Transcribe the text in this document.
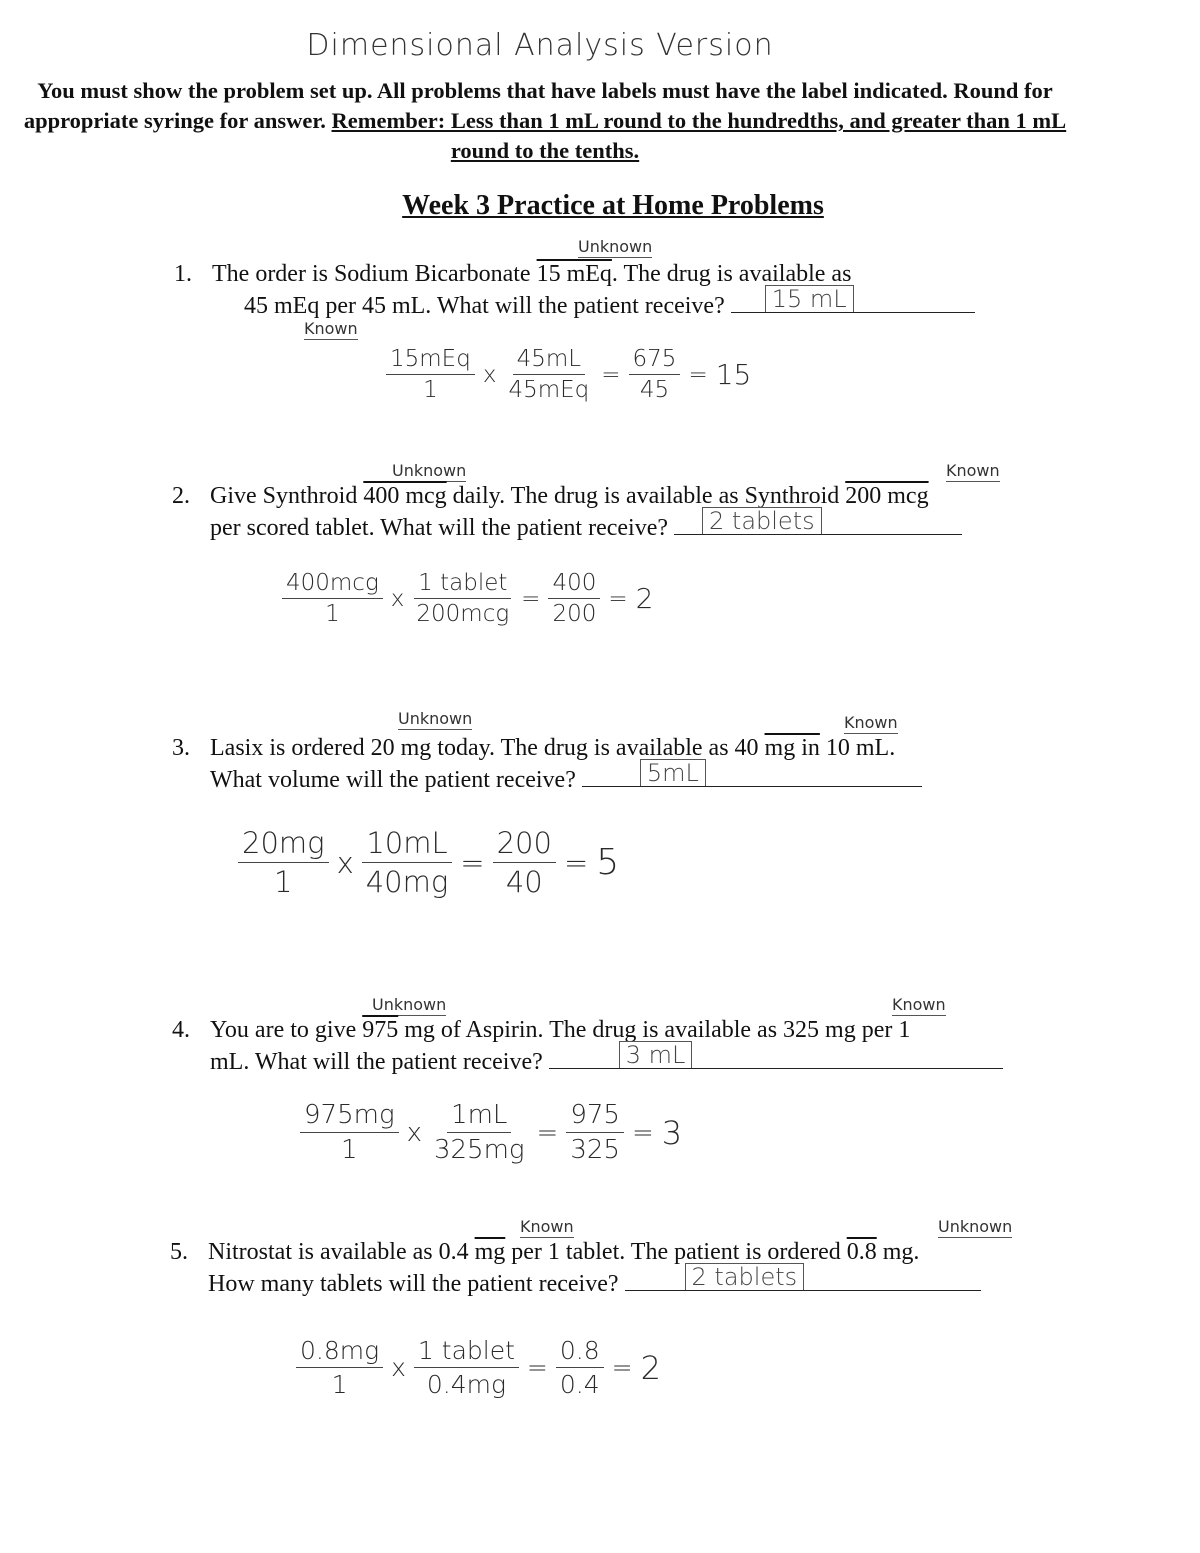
Dimensional Analysis Version
You must show the problem set up. All problems that have labels must have the label indicated. Round for appropriate syringe for answer. Remember: Less than 1 mL round to the hundredths, and greater than 1 mL round to the tenths.
Week 3 Practice at Home Problems
Unknown
1. The order is Sodium Bicarbonate 15 mEq. The drug is available as
45 mEq per 45 mL. What will the patient receive? 15 mL
Known
$\frac{\text{15mEq}}{1}$ x $\frac{45mL}{\text{45mEq}} = \frac{675}{45} = 15$
Unknown	Known
2. Give Synthroid 400 mcg daily. The drug is available as Synthroid 200 mcg
per scored tablet. What will the patient receive? 2 tablets
$\frac{\text{400mcg}}{1}$ x $\frac{\text{1 tablet}}{\text{200mcg}} = \frac{400}{200} = 2$
Unknown	Known
3. Lasix is ordered 20 mg today. The drug is available as 40 mg in 10 mL.
What volume will the patient receive?	5mL
$\frac{20mg}{1}$ x $\frac{10mL}{40mg} = \frac{200}{40} = 5$
Unknown	Known
4. You are to give 975 mg of Aspirin. The drug is available as 325 mg per 1
mL. What will the patient receive?	3 mL
$\frac{975mg}{1}$ x $\frac{1mL}{325mg} = \frac{975}{325} = 3$
Known	Unknown
5. Nitrostat is available as 0.4 $\overline{mg}$ per 1 tablet. The patient is ordered 0.8 mg.
How many tablets will the patient receive?	2 tablets
$\frac{0.8mg}{1}$ x $\frac{\text{1 tablet}}{0.4mg} = \frac{0.8}{0.4} = 2$
